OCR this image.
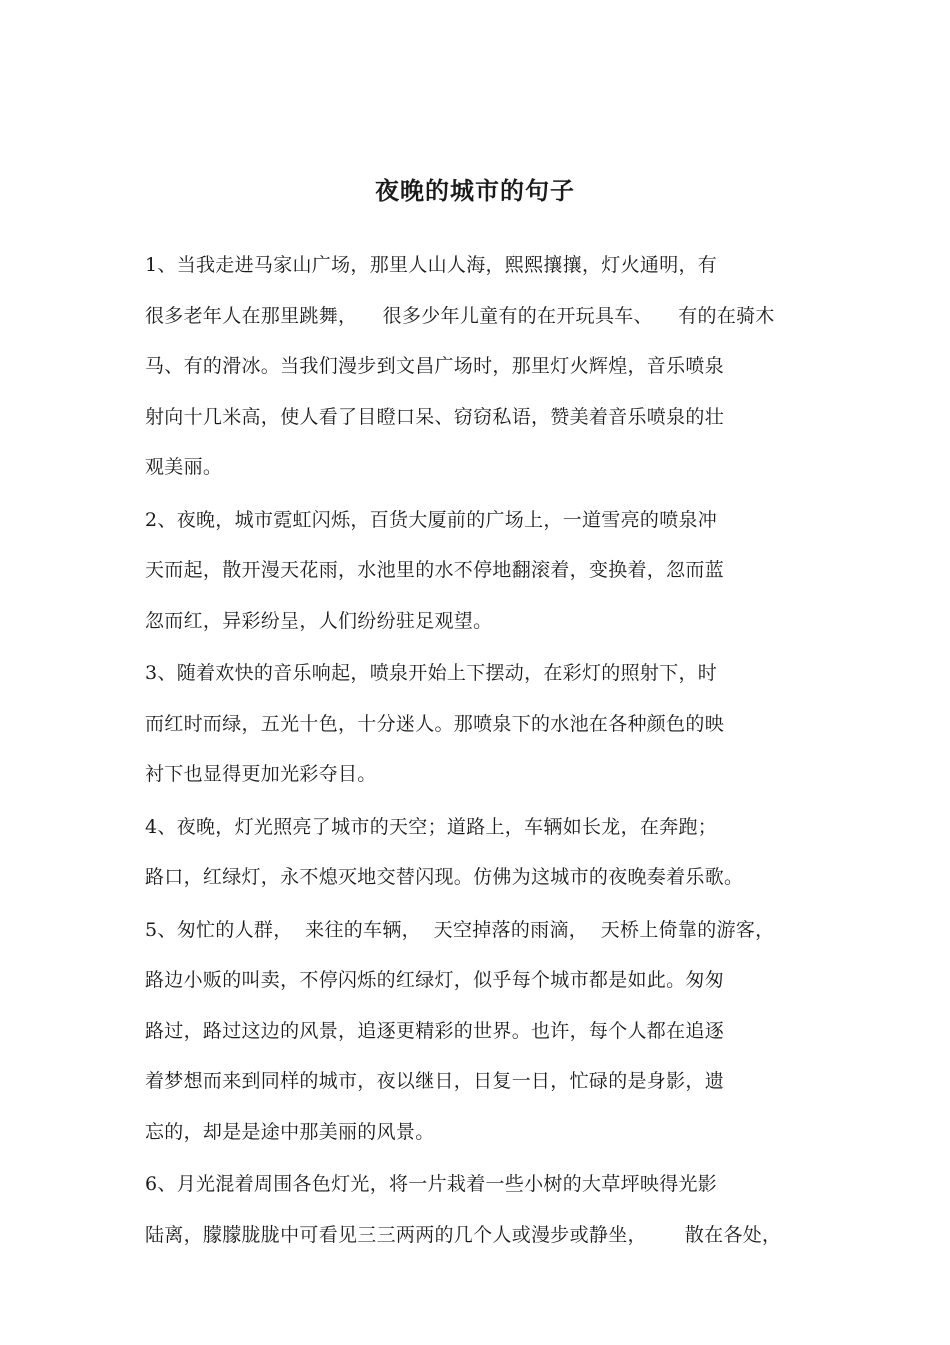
夜晚的城市的句子
1、当我走进马家山广场，那里人山人海，熙熙攘攘，灯火通明，有
很多老年人在那里跳舞，    很多少年儿童有的在开玩具车、    有的在骑木
马、有的滑冰。当我们漫步到文昌广场时，那里灯火辉煌，音乐喷泉
射向十几米高，使人看了目瞪口呆、窃窃私语，赞美着音乐喷泉的壮
观美丽。
2、夜晚，城市霓虹闪烁，百货大厦前的广场上，一道雪亮的喷泉冲
天而起，散开漫天花雨，水池里的水不停地翻滚着，变换着，忽而蓝
忽而红，异彩纷呈，人们纷纷驻足观望。
3、随着欢快的音乐响起，喷泉开始上下摆动，在彩灯的照射下，时
而红时而绿，五光十色，十分迷人。那喷泉下的水池在各种颜色的映
衬下也显得更加光彩夺目。
4、夜晚，灯光照亮了城市的天空；道路上，车辆如长龙，在奔跑；
路口，红绿灯，永不熄灭地交替闪现。仿佛为这城市的夜晚奏着乐歌。
5、匆忙的人群，  来往的车辆，  天空掉落的雨滴，  天桥上倚靠的游客，
路边小贩的叫卖，不停闪烁的红绿灯，似乎每个城市都是如此。匆匆
路过，路过这边的风景，追逐更精彩的世界。也许，每个人都在追逐
着梦想而来到同样的城市，夜以继日，日复一日，忙碌的是身影，遗
忘的，却是是途中那美丽的风景。
6、月光混着周围各色灯光，将一片栽着一些小树的大草坪映得光影
陆离，朦朦胧胧中可看见三三两两的几个人或漫步或静坐，      散在各处，
